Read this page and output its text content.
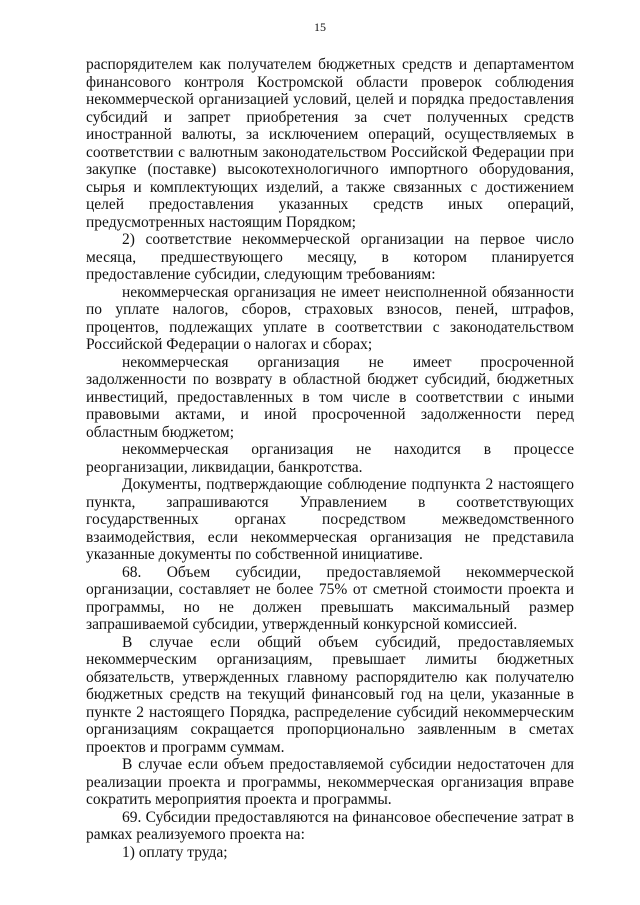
15

распорядителем как получателем бюджетных средств и департаментом финансового контроля Костромской области проверок соблюдения некоммерческой организацией условий, целей и порядка предоставления субсидий и запрет приобретения за счет полученных средств иностранной валюты, за исключением операций, осуществляемых в соответствии с валютным законодательством Российской Федерации при закупке (поставке) высокотехнологичного импортного оборудования, сырья и комплектующих изделий, а также связанных с достижением целей предоставления указанных средств иных операций, предусмотренных настоящим Порядком;

2) соответствие некоммерческой организации на первое число месяца, предшествующего месяцу, в котором планируется предоставление субсидии, следующим требованиям:

некоммерческая организация не имеет неисполненной обязанности по уплате налогов, сборов, страховых взносов, пеней, штрафов, процентов, подлежащих уплате в соответствии с законодательством Российской Федерации о налогах и сборах;

некоммерческая организация не имеет просроченной задолженности по возврату в областной бюджет субсидий, бюджетных инвестиций, предоставленных в том числе в соответствии с иными правовыми актами, и иной просроченной задолженности перед областным бюджетом;

некоммерческая организация не находится в процессе реорганизации, ликвидации, банкротства.

Документы, подтверждающие соблюдение подпункта 2 настоящего пункта, запрашиваются Управлением в соответствующих государственных органах посредством межведомственного взаимодействия, если некоммерческая организация не представила указанные документы по собственной инициативе.

68. Объем субсидии, предоставляемой некоммерческой организации, составляет не более 75% от сметной стоимости проекта и программы, но не должен превышать максимальный размер запрашиваемой субсидии, утвержденный конкурсной комиссией.

В случае если общий объем субсидий, предоставляемых некоммерческим организациям, превышает лимиты бюджетных обязательств, утвержденных главному распорядителю как получателю бюджетных средств на текущий финансовый год на цели, указанные в пункте 2 настоящего Порядка, распределение субсидий некоммерческим организациям сокращается пропорционально заявленным в сметах проектов и программ суммам.

В случае если объем предоставляемой субсидии недостаточен для реализации проекта и программы, некоммерческая организация вправе сократить мероприятия проекта и программы.

69. Субсидии предоставляются на финансовое обеспечение затрат в рамках реализуемого проекта на:

1) оплату труда;
